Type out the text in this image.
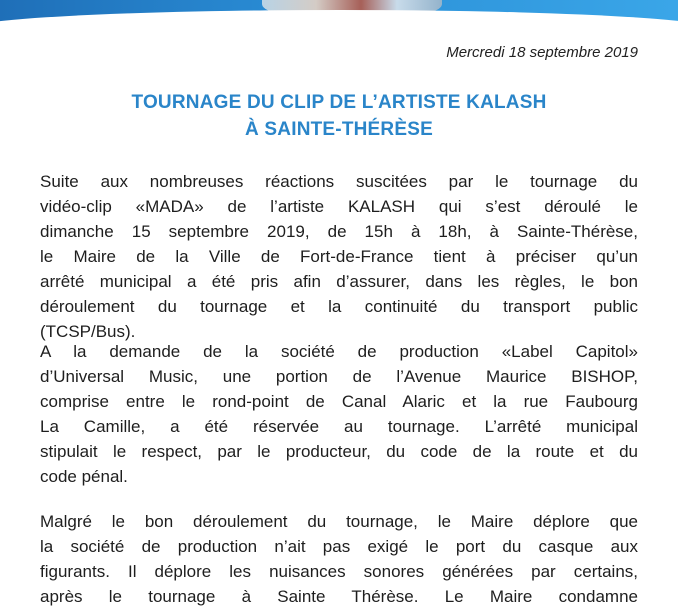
Mercredi 18 septembre 2019
TOURNAGE DU CLIP DE L’ARTISTE KALASH
À SAINTE-THÉRÈSE
Suite aux nombreuses réactions suscitées par le tournage du
vidéo-clip «MADA» de l’artiste KALASH qui s’est déroulé le
dimanche 15 septembre 2019, de 15h à 18h, à Sainte-Thérèse,
le Maire de la Ville de Fort-de-France tient à préciser qu’un
arrêté municipal a été pris afin d’assurer, dans les règles, le bon
déroulement du tournage et la continuité du transport public
(TCSP/Bus).
A la demande de la société de production «Label Capitol»
d’Universal Music, une portion de l’Avenue Maurice BISHOP,
comprise entre le rond-point de Canal Alaric et la rue Faubourg
La Camille, a été réservée au tournage. L’arrêté municipal
stipulait le respect, par le producteur, du code de la route et du
code pénal.
Malgré le bon déroulement du tournage, le Maire déplore que
la société de production n’ait pas exigé le port du casque aux
figurants. Il déplore les nuisances sonores générées par certains,
après le tournage à Sainte Thérèse. Le Maire condamne
